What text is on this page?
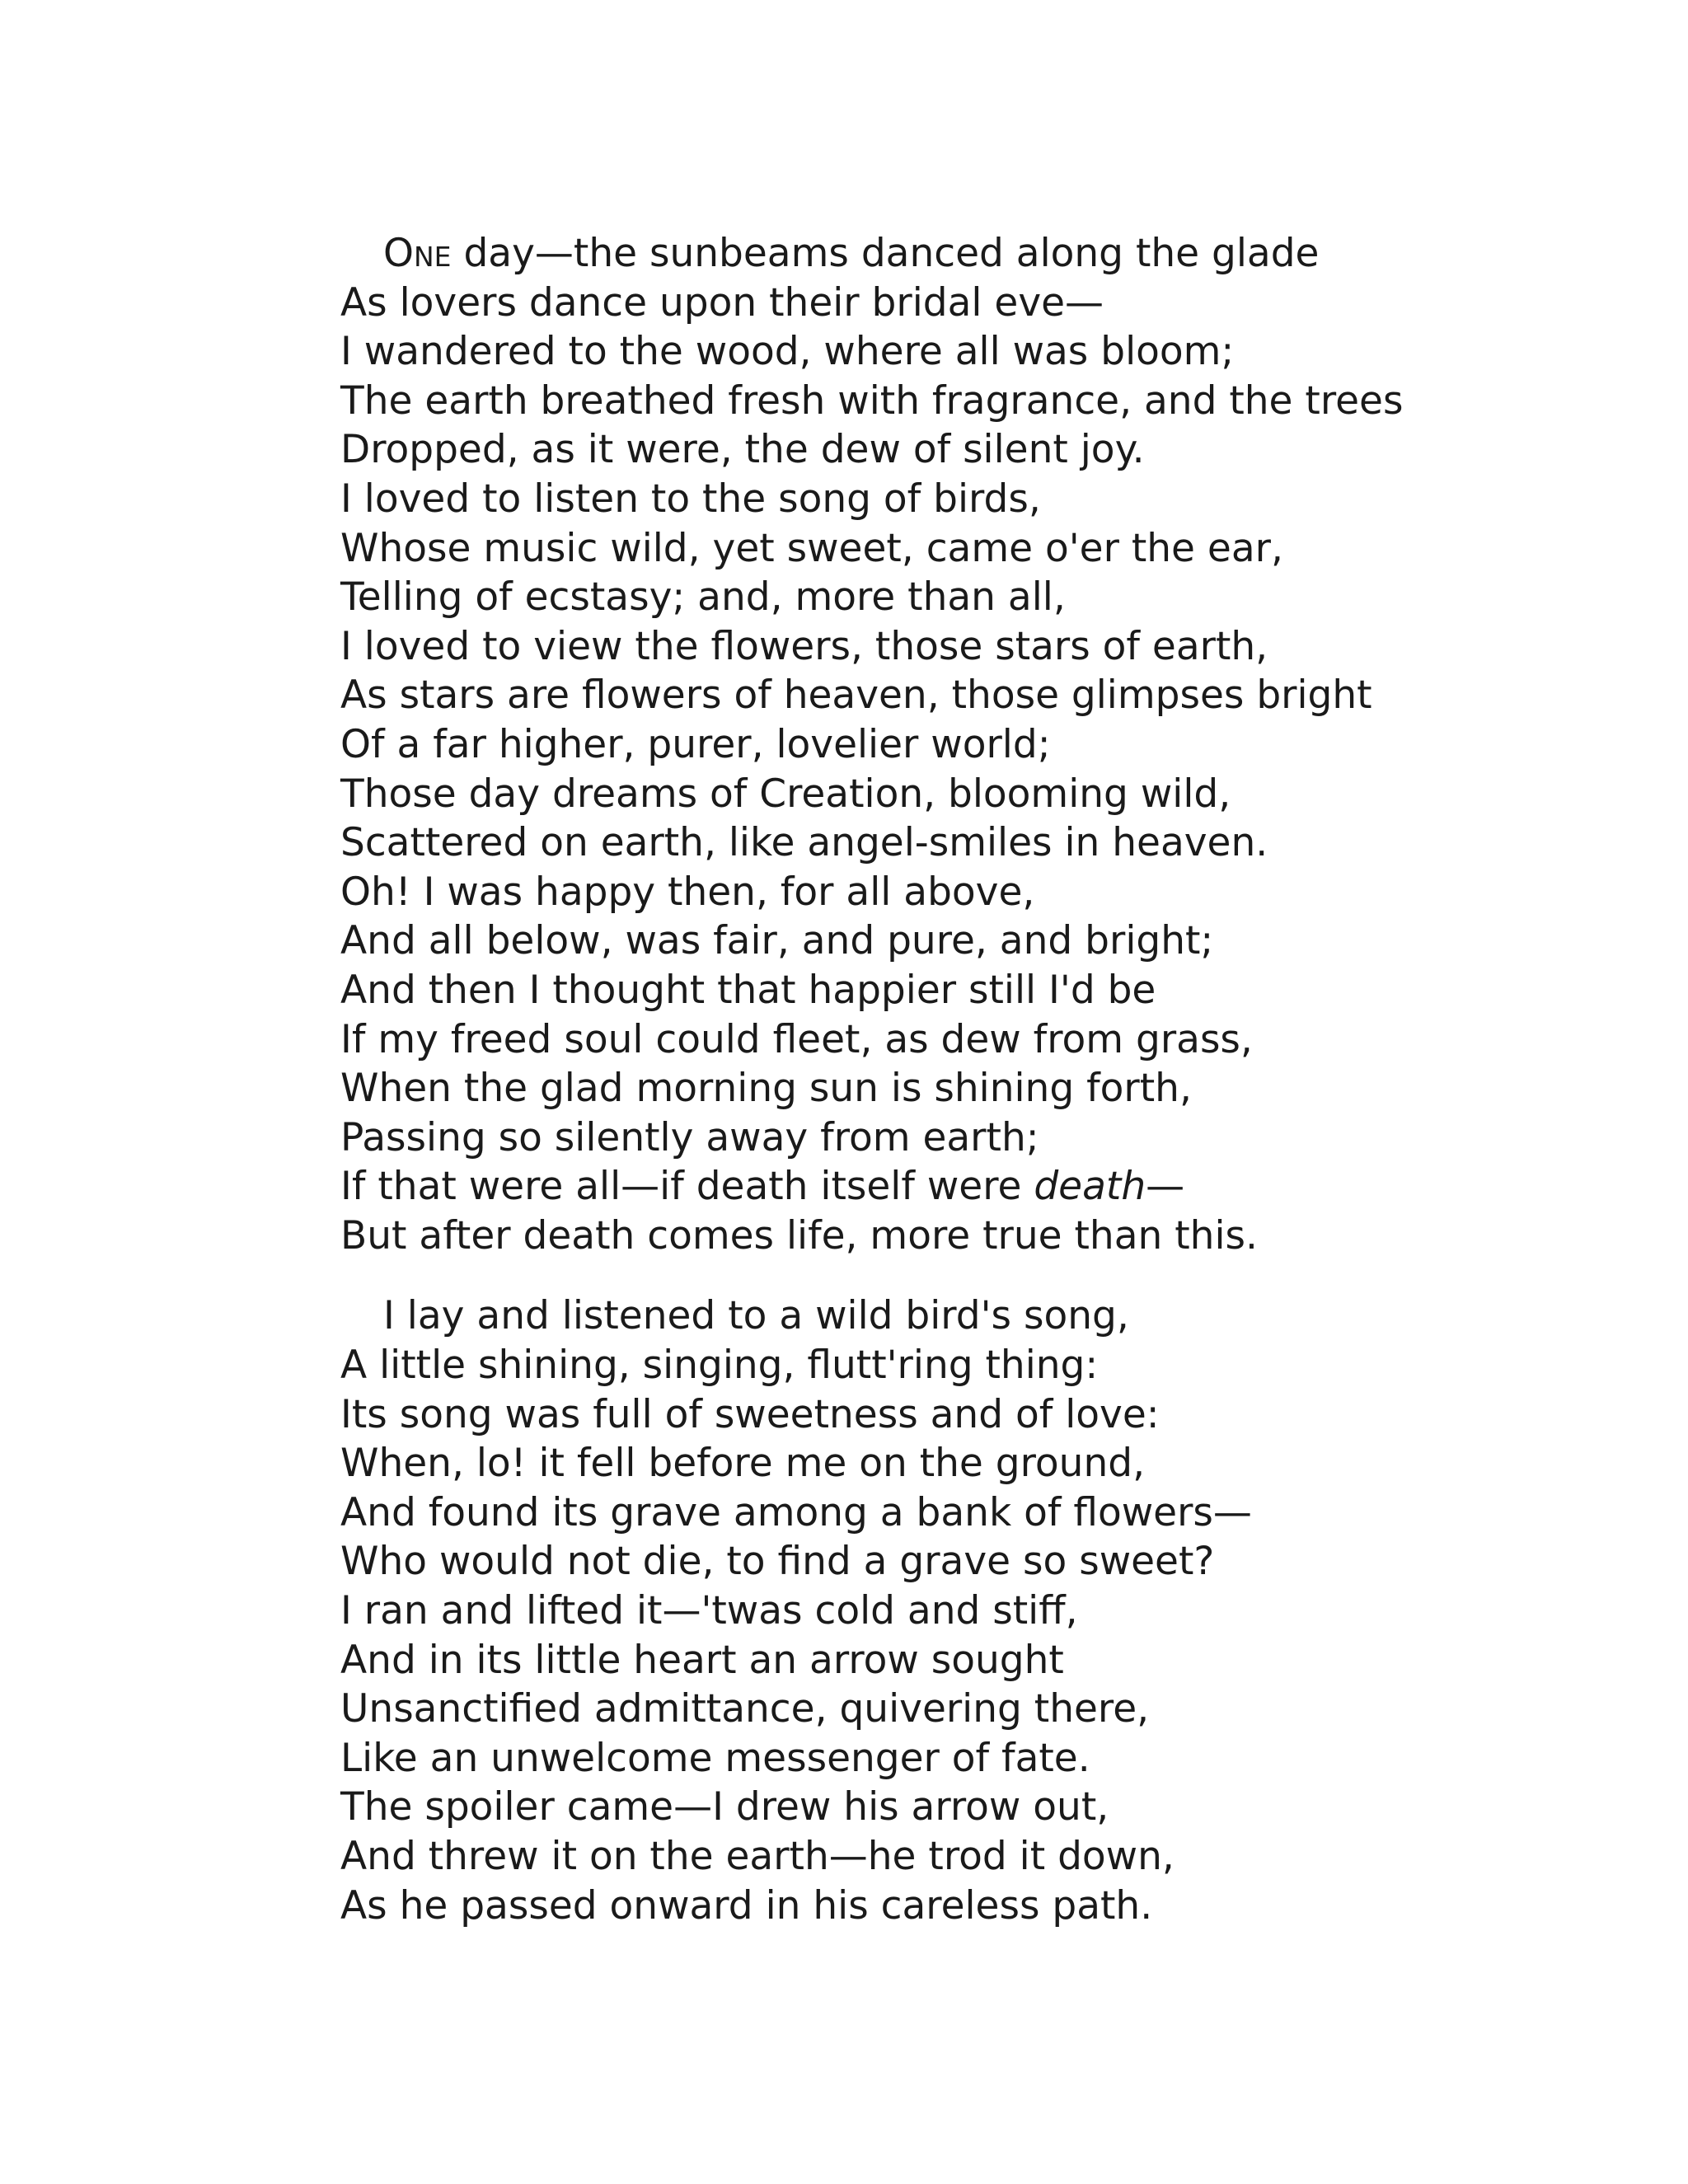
One day—the sunbeams danced along the glade
As lovers dance upon their bridal eve—
I wandered to the wood, where all was bloom;
The earth breathed fresh with fragrance, and the trees
Dropped, as it were, the dew of silent joy.
I loved to listen to the song of birds,
Whose music wild, yet sweet, came o'er the ear,
Telling of ecstasy; and, more than all,
I loved to view the flowers, those stars of earth,
As stars are flowers of heaven, those glimpses bright
Of a far higher, purer, lovelier world;
Those day dreams of Creation, blooming wild,
Scattered on earth, like angel-smiles in heaven.
Oh! I was happy then, for all above,
And all below, was fair, and pure, and bright;
And then I thought that happier still I'd be
If my freed soul could fleet, as dew from grass,
When the glad morning sun is shining forth,
Passing so silently away from earth;
If that were all—if death itself were death—
But after death comes life, more true than this.
I lay and listened to a wild bird's song,
A little shining, singing, flutt'ring thing:
Its song was full of sweetness and of love:
When, lo! it fell before me on the ground,
And found its grave among a bank of flowers—
Who would not die, to find a grave so sweet?
I ran and lifted it—'twas cold and stiff,
And in its little heart an arrow sought
Unsanctified admittance, quivering there,
Like an unwelcome messenger of fate.
The spoiler came—I drew his arrow out,
And threw it on the earth—he trod it down,
As he passed onward in his careless path.
